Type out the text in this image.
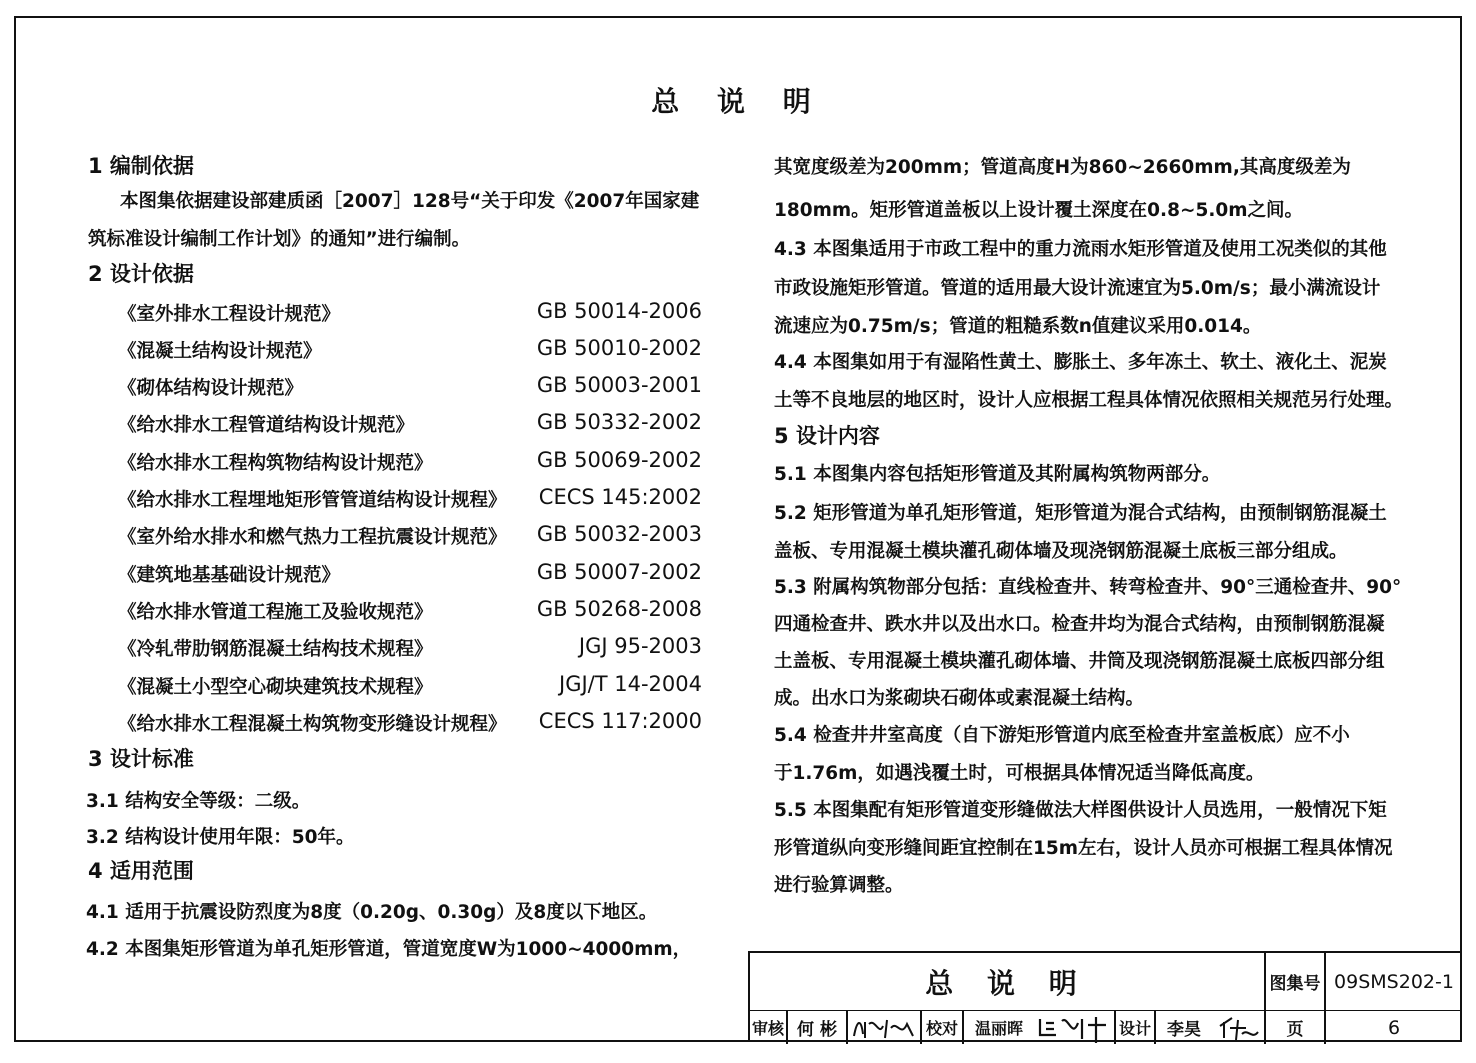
总 说 明
1 编制依据
本图集依据建设部建质函［2007］128号“关于印发《2007年国家建
筑标准设计编制工作计划》的通知”进行编制。
2 设计依据
《室外排水工程设计规范》	GB 50014-2006
《混凝土结构设计规范》	GB 50010-2002
《砌体结构设计规范》	GB 50003-2001
《给水排水工程管道结构设计规范》	GB 50332-2002
《给水排水工程构筑物结构设计规范》	GB 50069-2002
《给水排水工程埋地矩形管管道结构设计规程》 CECS 145:2002
《室外给水排水和燃气热力工程抗震设计规范》 GB 50032-2003
《建筑地基基础设计规范》	GB 50007-2002
《给水排水管道工程施工及验收规范》	GB 50268-2008
《冷轧带肋钢筋混凝土结构技术规程》	JGJ 95-2003
《混凝土小型空心砌块建筑技术规程》	JGJ/T 14-2004
《给水排水工程混凝土构筑物变形缝设计规程》 CECS 117:2000
3 设计标准
3.1 结构安全等级：二级。
3.2 结构设计使用年限：50年。
4 适用范围
4.1 适用于抗震设防烈度为8度（0.20g、0.30g）及8度以下地区。
4.2 本图集矩形管道为单孔矩形管道，管道宽度W为1000~4000mm，
其宽度级差为200mm；管道高度H为860~2660mm,其高度级差为
180mm。矩形管道盖板以上设计覆土深度在0.8~5.0m之间。
4.3 本图集适用于市政工程中的重力流雨水矩形管道及使用工况类似的其他
市政设施矩形管道。管道的适用最大设计流速宜为5.0m/s；最小满流设计
流速应为0.75m/s；管道的粗糙系数n值建议采用0.014。
4.4 本图集如用于有湿陷性黄土、膨胀土、多年冻土、软土、液化土、泥炭
土等不良地层的地区时，设计人应根据工程具体情况依照相关规范另行处理。
5 设计内容
5.1 本图集内容包括矩形管道及其附属构筑物两部分。
5.2 矩形管道为单孔矩形管道，矩形管道为混合式结构，由预制钢筋混凝土
盖板、专用混凝土模块灌孔砌体墙及现浇钢筋混凝土底板三部分组成。
5.3 附属构筑物部分包括：直线检查井、转弯检查井、90°三通检查井、90°
四通检查井、跌水井以及出水口。检查井均为混合式结构，由预制钢筋混凝
土盖板、专用混凝土模块灌孔砌体墙、井筒及现浇钢筋混凝土底板四部分组
成。出水口为浆砌块石砌体或素混凝土结构。
5.4 检查井井室高度（自下游矩形管道内底至检查井室盖板底）应不小
于1.76m，如遇浅覆土时，可根据具体情况适当降低高度。
5.5 本图集配有矩形管道变形缝做法大样图供设计人员选用，一般情况下矩
形管道纵向变形缝间距宜控制在15m左右，设计人员亦可根据工程具体情况
进行验算调整。
总 说 明	图集号 09SMS202-1
审核 何 彬	校对	温丽晖	设计 李昊	页	6
